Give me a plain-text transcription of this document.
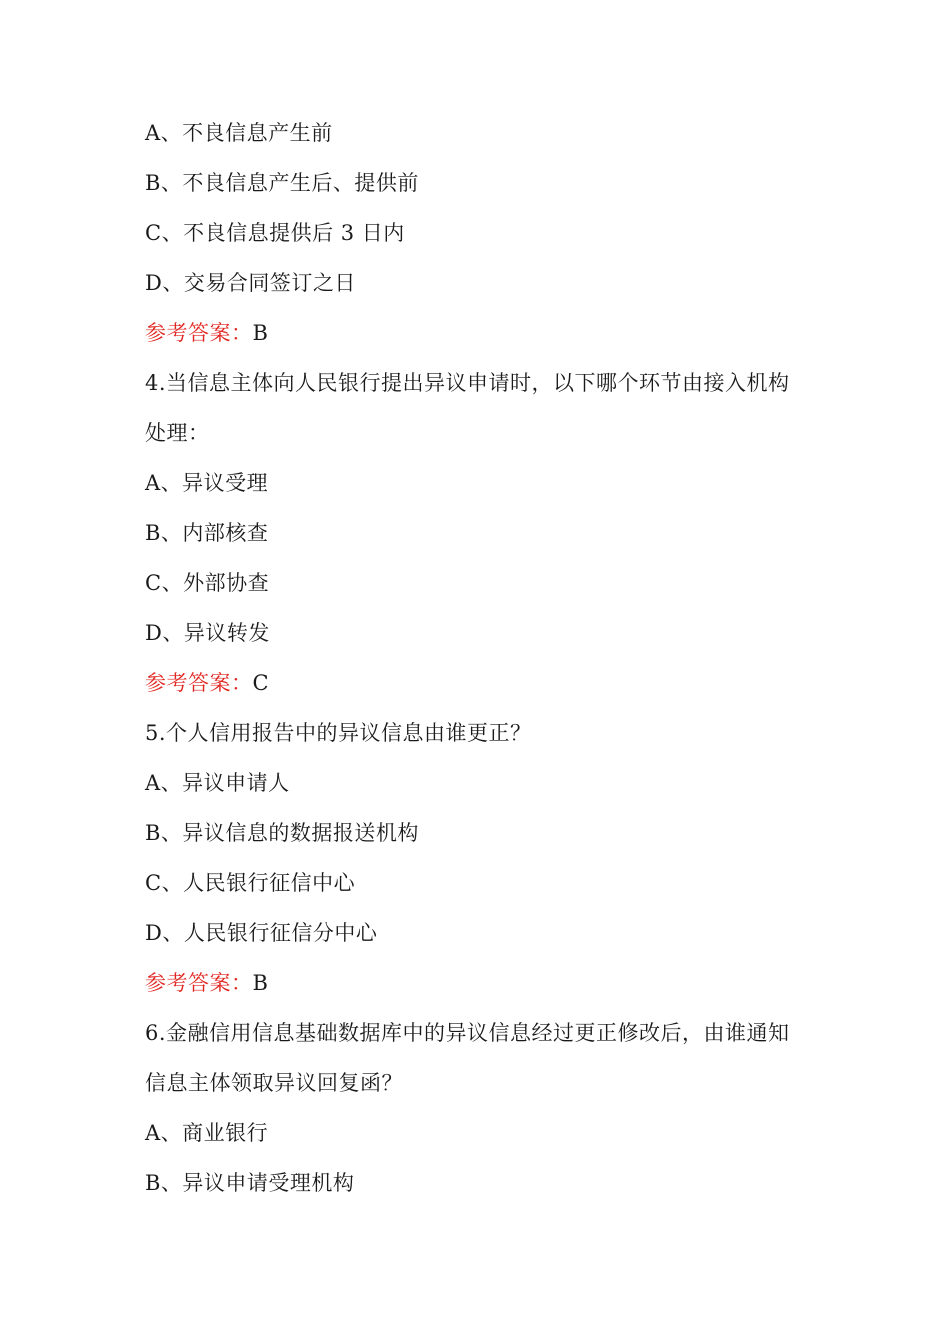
A、不良信息产生前
B、不良信息产生后、提供前
C、不良信息提供后 3 日内
D、交易合同签订之日
参考答案：B
4.当信息主体向人民银行提出异议申请时，以下哪个环节由接入机构
处理：
A、异议受理
B、内部核查
C、外部协查
D、异议转发
参考答案：C
5.个人信用报告中的异议信息由谁更正？
A、异议申请人
B、异议信息的数据报送机构
C、人民银行征信中心
D、人民银行征信分中心
参考答案：B
6.金融信用信息基础数据库中的异议信息经过更正修改后，由谁通知
信息主体领取异议回复函？
A、商业银行
B、异议申请受理机构
